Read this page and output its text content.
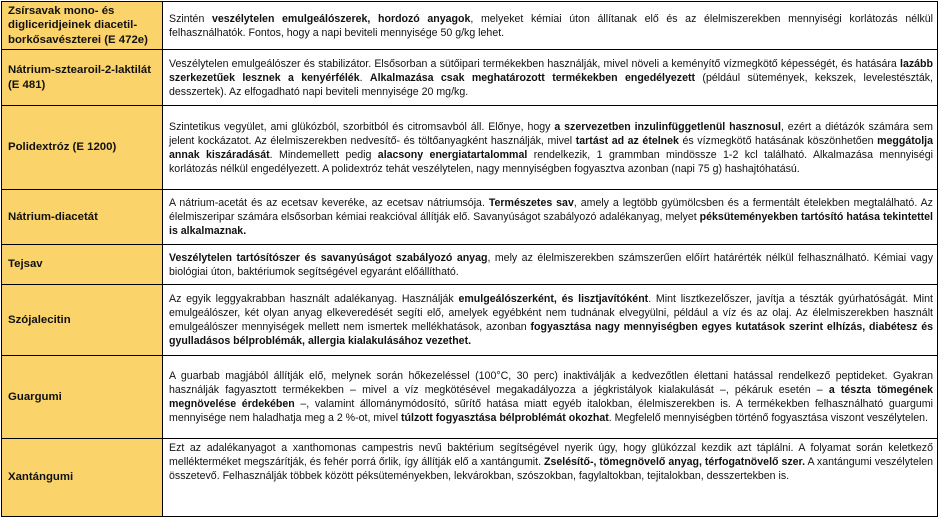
Zsírsavak mono- és digliceridjeinek diacetil-borkősavészterei (E 472e)	Szintén veszélytelen emulgeálószerek, hordozó anyagok, melyeket kémiai úton állítanak elő és az élelmiszerekben mennyiségi korlátozás nélkül felhasználhatók. Fontos, hogy a napi beviteli mennyisége 50 g/kg lehet.
Nátrium-sztearoil-2-laktilát (E 481)	Veszélytelen emulgeálószer és stabilizátor. Elsősorban a sütőipari termékekben használják, mivel növeli a keményítő vízmegkötő képességét, és hatására lazább szerkezetűek lesznek a kenyérfélék. Alkalmazása csak meghatározott termékekben engedélyezett (például sütemények, kekszek, levelestészták, desszertek). Az elfogadható napi beviteli mennyisége 20 mg/kg.
Polidextróz (E 1200)	Szintetikus vegyület, ami glükózból, szorbitból és citromsavból áll. Előnye, hogy a szervezetben inzulinfüggetlenül hasznosul, ezért a diétázók számára sem jelent kockázatot. Az élelmiszerekben nedvesítő- és töltőanyagként használják, mivel tartást ad az ételnek és vízmegkötő hatásának köszönhetően meggátolja annak kiszáradását. Mindemellett pedig alacsony energiatartalommal rendelkezik, 1 grammban mindössze 1-2 kcl található. Alkalmazása mennyiségi korlátozás nélkül engedélyezett. A polidextróz tehát veszélytelen, nagy mennyiségben fogyasztva azonban (napi 75 g) hashajtóhatású.
Nátrium-diacetát	A nátrium-acetát és az ecetsav keveréke, az ecetsav nátriumsója. Természetes sav, amely a legtöbb gyümölcsben és a fermentált ételekben megtalálható. Az élelmiszeripar számára elsősorban kémiai reakcióval állítják elő. Savanyúságot szabályozó adalékanyag, melyet péksüteményekben tartósító hatása tekintettel is alkalmaznak.
Tejsav	Veszélytelen tartósítószer és savanyúságot szabályozó anyag, mely az élelmiszerekben számszerűen előírt határérték nélkül felhasználható. Kémiai vagy biológiai úton, baktériumok segítségével egyaránt előállítható.
Szójalecitin	Az egyik leggyakrabban használt adalékanyag. Használják emulgeálószerként, és lisztjavítóként. Mint lisztkezelőszer, javítja a tészták gyúrhatóságát. Mint emulgeálószer, két olyan anyag elkeveredését segíti elő, amelyek egyébként nem tudnának elvegyülni, például a víz és az olaj. Az élelmiszerekben használt emulgeálószer mennyiségek mellett nem ismertek mellékhatások, azonban fogyasztása nagy mennyiségben egyes kutatások szerint elhízás, diabétesz és gyulladásos bélproblémák, allergia kialakulásához vezethet.
Guargumi	A guarbab magjából állítják elő, melynek során hőkezeléssel (100°C, 30 perc) inaktiválják a kedvezőtlen élettani hatással rendelkező peptideket. Gyakran használják fagyasztott termékekben – mivel a víz megkötésével megakadályozza a jégkristályok kialakulását –, pékáruk esetén – a tészta tömegének megnövelése érdekében –, valamint állománymódosító, sűrítő hatása miatt egyéb italokban, élelmiszerekben is. A termékekben felhasználható guargumi mennyisége nem haladhatja meg a 2 %-ot, mivel túlzott fogyasztása bélproblémát okozhat. Megfelelő mennyiségben történő fogyasztása viszont veszélytelen.
Xantángumi	Ezt az adalékanyagot a xanthomonas campestris nevű baktérium segítségével nyerik úgy, hogy glükózzal kezdik azt táplálni. A folyamat során keletkező mellékterméket megszárítják, és fehér porrá őrlik, így állítják elő a xantángumit. Zselésítő-, tömegnövelő anyag, térfogatnövelő szer. A xantángumi veszélytelen összetevő. Felhasználják többek között péksüteményekben, lekvárokban, szószokban, fagylaltokban, tejitalokban, desszertekben is.
